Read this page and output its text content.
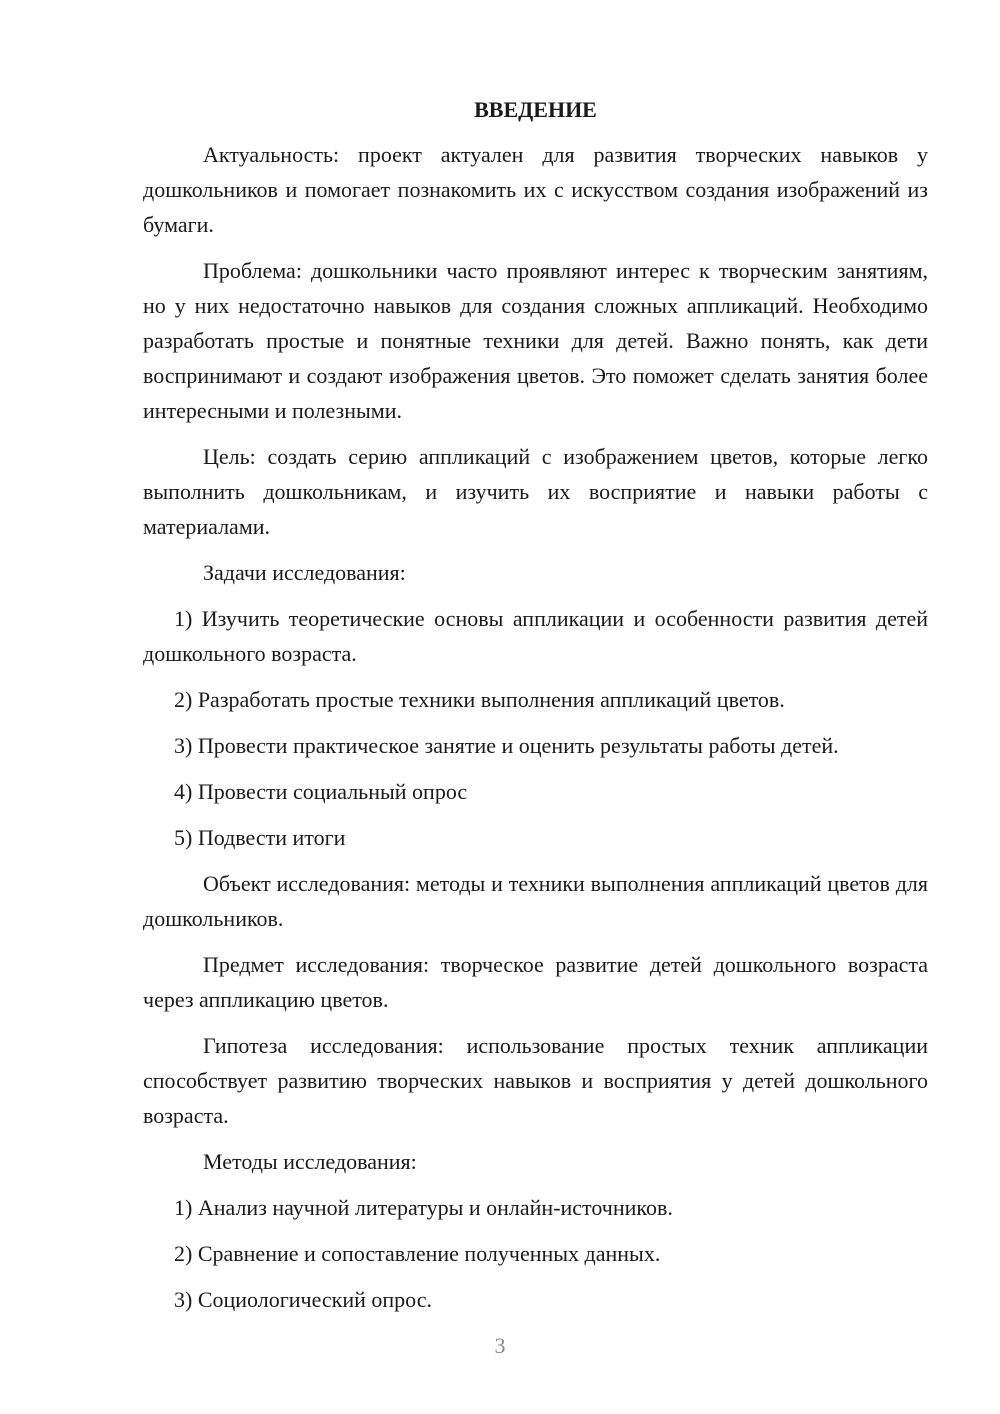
ВВЕДЕНИЕ

Актуальность: проект актуален для развития творческих навыков у дошкольников и помогает познакомить их с искусством создания изображений из бумаги.

Проблема: дошкольники часто проявляют интерес к творческим занятиям, но у них недостаточно навыков для создания сложных аппликаций. Необходимо разработать простые и понятные техники для детей. Важно понять, как дети воспринимают и создают изображения цветов. Это поможет сделать занятия более интересными и полезными.

Цель: создать серию аппликаций с изображением цветов, которые легко выполнить дошкольникам, и изучить их восприятие и навыки работы с материалами.

Задачи исследования:

1) Изучить теоретические основы аппликации и особенности развития детей дошкольного возраста.

2) Разработать простые техники выполнения аппликаций цветов.

3) Провести практическое занятие и оценить результаты работы детей.

4) Провести социальный опрос

5) Подвести итоги

Объект исследования: методы и техники выполнения аппликаций цветов для дошкольников.

Предмет исследования: творческое развитие детей дошкольного возраста через аппликацию цветов.

Гипотеза исследования: использование простых техник аппликации способствует развитию творческих навыков и восприятия у детей дошкольного возраста.

Методы исследования:

1) Анализ научной литературы и онлайн-источников.

2) Сравнение и сопоставление полученных данных.

3) Социологический опрос.

3
